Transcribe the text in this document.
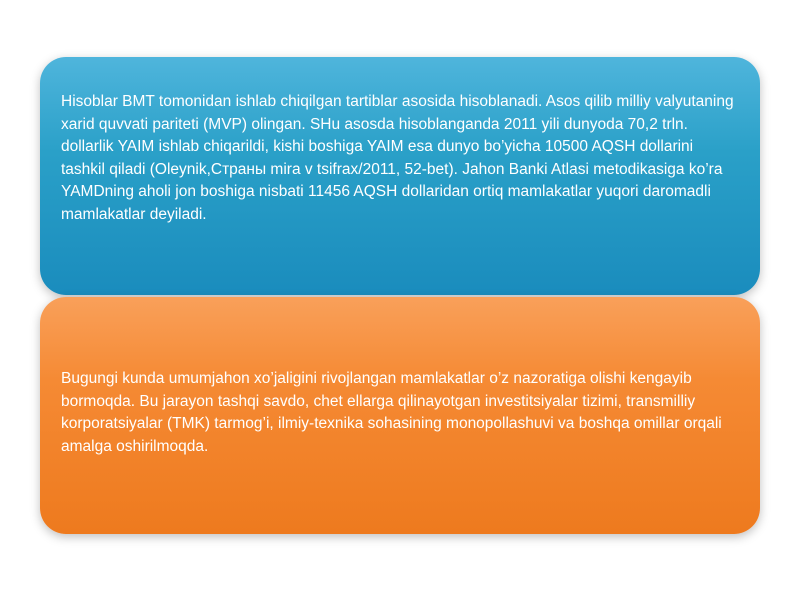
Hisoblar BMT tomonidan ishlab chiqilgan tartiblar asosida hisoblanadi. Asos qilib milliy valyutaning xarid quvvati pariteti (MVP) olingan. SHu asosda hisoblanganda 2011 yili dunyoda 70,2 trln. dollarlik YAIM ishlab chiqarildi, kishi boshiga YAIM esa dunyo bo’yicha 10500 AQSH dollarini tashkil qiladi (Oleynik,Стpaны mira v tsifrax/2011, 52-bet). Jahon Banki Atlasi metodikasiga ko’ra YAMDning aholi jon boshiga nisbati 11456 AQSH dollaridan ortiq mamlakatlar yuqori daromadli mamlakatlar deyiladi.

Bugungi kunda umumjahon xo’jaligini rivojlangan mamlakatlar o’z nazoratiga olishi kengayib bormoqda. Bu jarayon tashqi savdo, chet ellarga qilinayotgan investitsiyalar tizimi, transmilliy korporatsiyalar (TMK) tarmog’i, ilmiy-texnika sohasining monopollashuvi va boshqa omillar orqali amalga oshirilmoqda.
